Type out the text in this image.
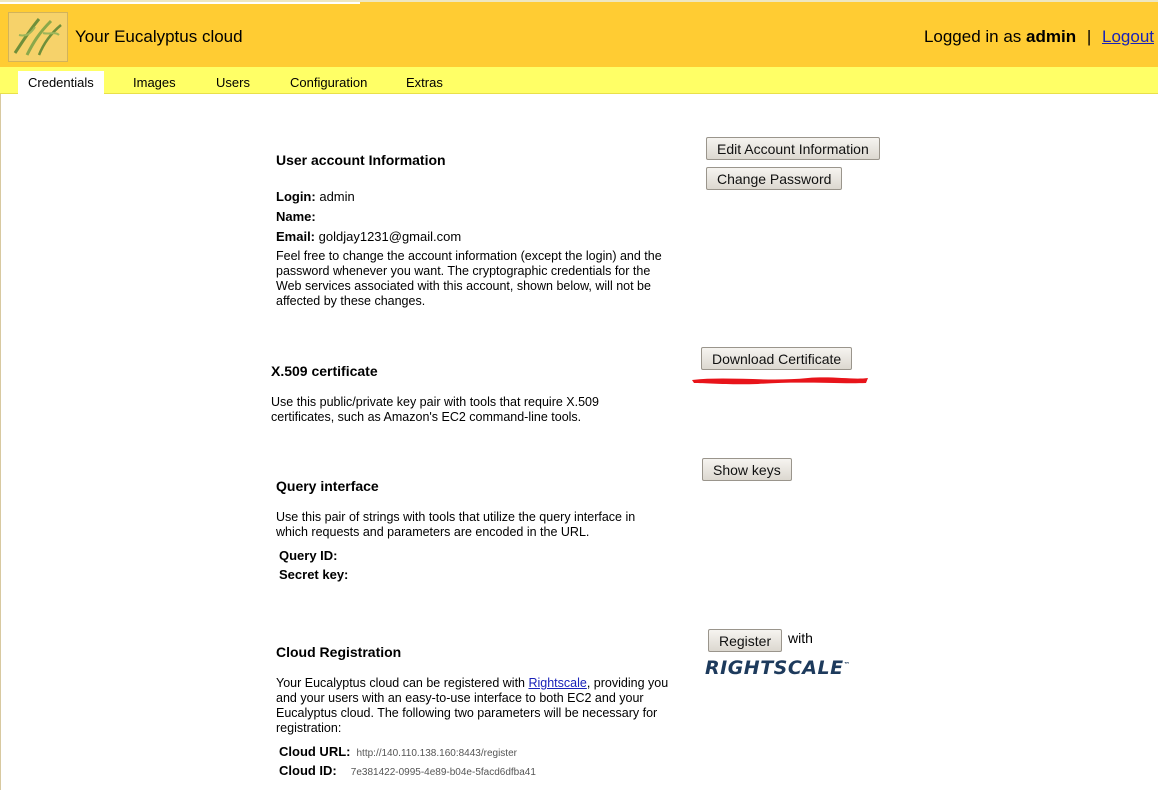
Your Eucalyptus cloud	Logged in as admin | Logout
Credentials	Images	Users	Configuration	Extras
User account Information
Login: admin
Name:
Email: goldjay1231@gmail.com
Feel free to change the account information (except the login) and the password whenever you want. The cryptographic credentials for the Web services associated with this account, shown below, will not be affected by these changes.
Edit Account Information
Change Password
X.509 certificate
Use this public/private key pair with tools that require X.509 certificates, such as Amazon's EC2 command-line tools.
Download Certificate
Query interface
Use this pair of strings with tools that utilize the query interface in which requests and parameters are encoded in the URL.
Query ID:
Secret key:
Show keys
Cloud Registration
Your Eucalyptus cloud can be registered with Rightscale, providing you and your users with an easy-to-use interface to both EC2 and your Eucalyptus cloud. The following two parameters will be necessary for registration:
Cloud URL: http://140.110.138.160:8443/register
Cloud ID: 7e381422-0995-4e89-b04e-5facd6dfba41
Register	with
RIGHTSCALE™
